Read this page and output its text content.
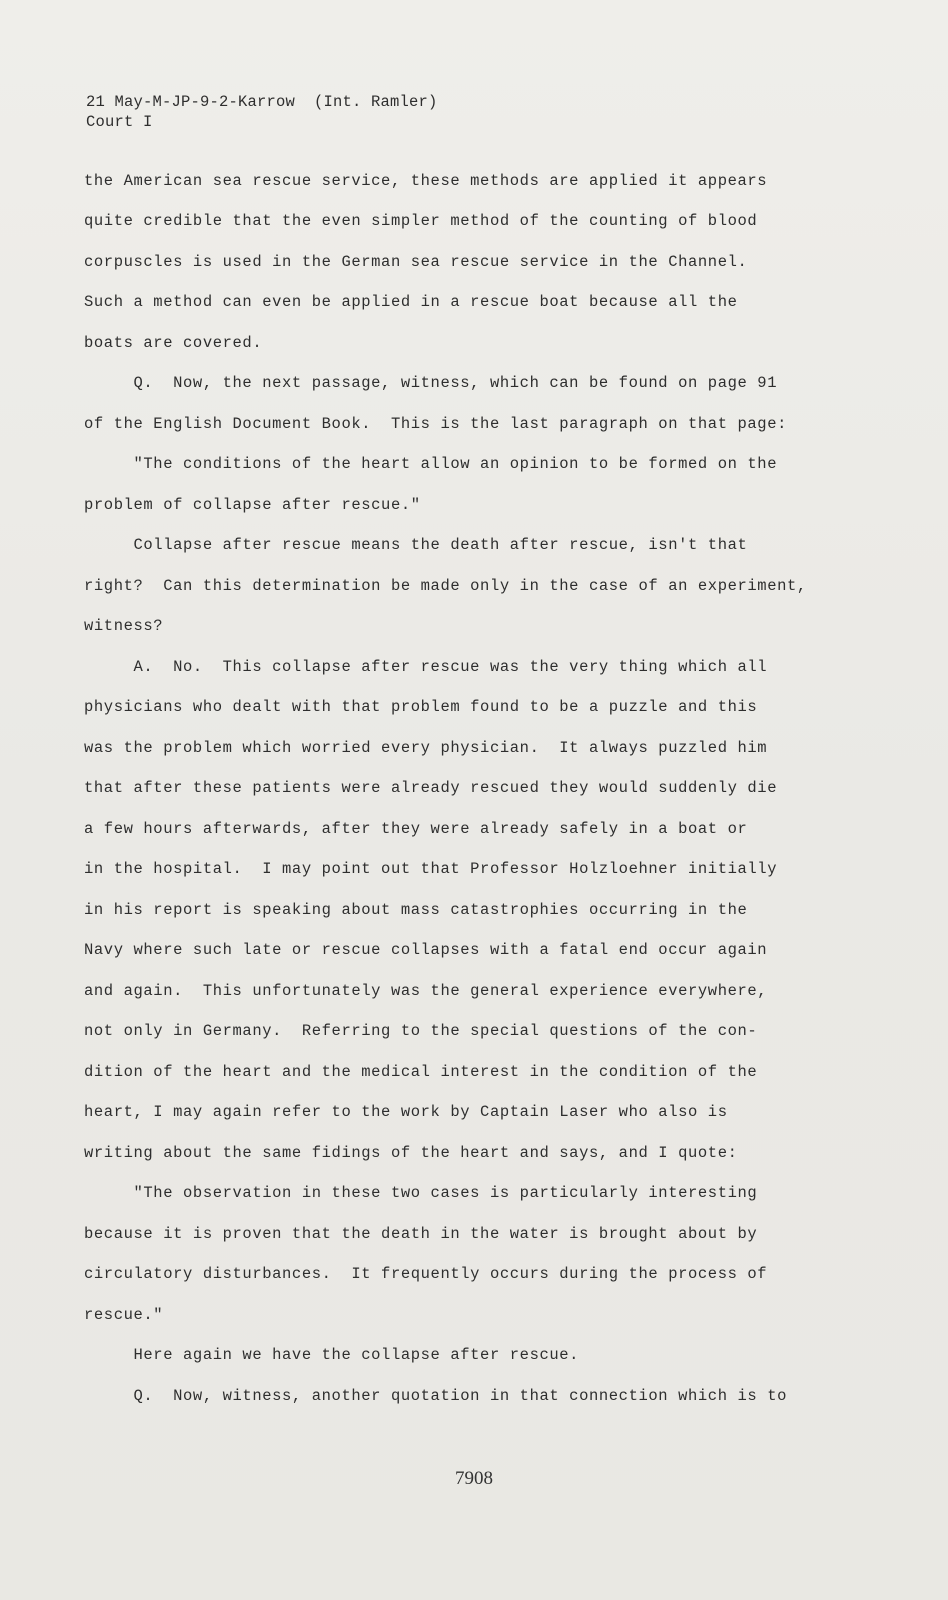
21 May-M-JP-9-2-Karrow  (Int. Ramler)
Court I
the American sea rescue service, these methods are applied it appears
quite credible that the even simpler method of the counting of blood
corpuscles is used in the German sea rescue service in the Channel.
Such a method can even be applied in a rescue boat because all the
boats are covered.
Q.  Now, the next passage, witness, which can be found on page 91
of the English Document Book.  This is the last paragraph on that page:
"The conditions of the heart allow an opinion to be formed on the
problem of collapse after rescue."
Collapse after rescue means the death after rescue, isn't that
right?  Can this determination be made only in the case of an experiment,
witness?
A.  No.  This collapse after rescue was the very thing which all
physicians who dealt with that problem found to be a puzzle and this
was the problem which worried every physician.  It always puzzled him
that after these patients were already rescued they would suddenly die
a few hours afterwards, after they were already safely in a boat or
in the hospital.  I may point out that Professor Holzloehner initially
in his report is speaking about mass catastrophies occurring in the
Navy where such late or rescue collapses with a fatal end occur again
and again.  This unfortunately was the general experience everywhere,
not only in Germany.  Referring to the special questions of the con-
dition of the heart and the medical interest in the condition of the
heart, I may again refer to the work by Captain Laser who also is
writing about the same fidings of the heart and says, and I quote:
"The observation in these two cases is particularly interesting
because it is proven that the death in the water is brought about by
circulatory disturbances.  It frequently occurs during the process of
rescue."
Here again we have the collapse after rescue.
Q.  Now, witness, another quotation in that connection which is to
7908
